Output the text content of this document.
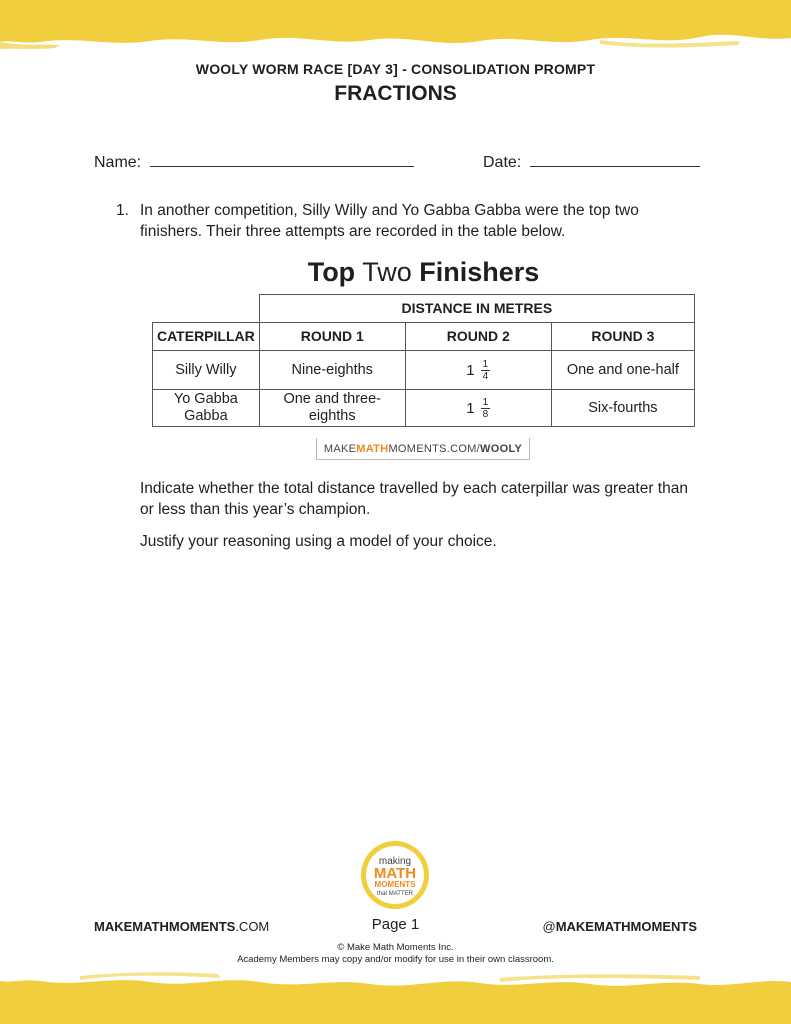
WOOLY WORM RACE [DAY 3] - CONSOLIDATION PROMPT
FRACTIONS
Name:	Date:
1. In another competition, Silly Willy and Yo Gabba Gabba were the top two finishers. Their three attempts are recorded in the table below.
Top Two Finishers
	DISTANCE IN METRES		
CATERPILLAR	ROUND 1	ROUND 2	ROUND 3
Silly Willy	Nine-eighths	$1 \frac{1}{4}$	One and one-half
Yo Gabba Gabba	One and three-eighths	$1 \frac{1}{8}$	Six-fourths
MAKEMATHMOMENTS.COM/WOOLY
Indicate whether the total distance travelled by each caterpillar was greater than or less than this year’s champion.
Justify your reasoning using a model of your choice.
making
MATH
MOMENTS
that MATTER
MAKEMATHMOMENTS.COM	Page 1	@MAKEMATHMOMENTS
© Make Math Moments Inc.
Academy Members may copy and/or modify for use in their own classroom.
